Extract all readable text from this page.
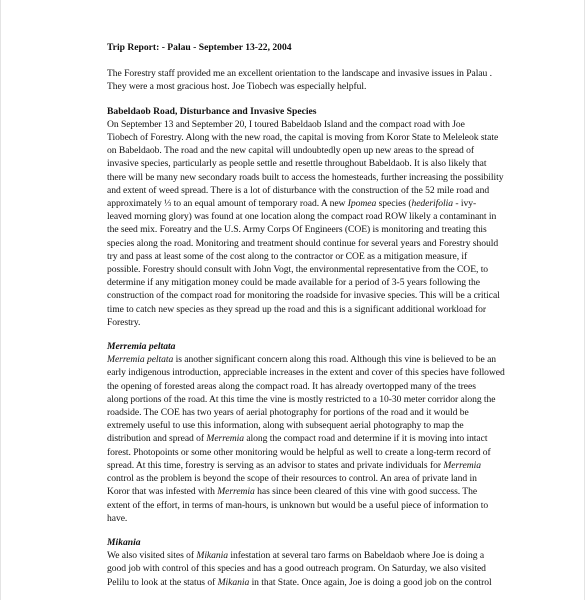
Trip Report: - Palau - September 13-22, 2004
The Forestry staff provided me an excellent orientation to the landscape and invasive issues in Palau .
They were a most gracious host. Joe Tiobech was especially helpful.
Babeldaob Road, Disturbance and Invasive Species
On September 13 and September 20, I toured Babeldaob Island and the compact road with Joe
Tiobech of Forestry. Along with the new road, the capital is moving from Koror State to Meleleok state
on Babeldaob. The road and the new capital will undoubtedly open up new areas to the spread of
invasive species, particularly as people settle and resettle throughout Babeldaob. It is also likely that
there will be many new secondary roads built to access the homesteads, further increasing the possibility
and extent of weed spread. There is a lot of disturbance with the construction of the 52 mile road and
approximately ⅓ to an equal amount of temporary road. A new Ipomea species (hederifolia - ivy-
leaved morning glory) was found at one location along the compact road ROW likely a contaminant in
the seed mix. Foreatry and the U.S. Army Corps Of Engineers (COE) is monitoring and treating this
species along the road. Monitoring and treatment should continue for several years and Forestry should
try and pass at least some of the cost along to the contractor or COE as a mitigation measure, if
possible. Forestry should consult with John Vogt, the environmental representative from the COE, to
determine if any mitigation money could be made available for a period of 3-5 years following the
construction of the compact road for monitoring the roadside for invasive species. This will be a critical
time to catch new species as they spread up the road and this is a significant additional workload for
Forestry.
Merremia peltata
Merremia peltata is another significant concern along this road. Although this vine is believed to be an
early indigenous introduction, appreciable increases in the extent and cover of this species have followed
the opening of forested areas along the compact road. It has already overtopped many of the trees
along portions of the road. At this time the vine is mostly restricted to a 10-30 meter corridor along the
roadside. The COE has two years of aerial photography for portions of the road and it would be
extremely useful to use this information, along with subsequent aerial photography to map the
distribution and spread of Merremia along the compact road and determine if it is moving into intact
forest. Photopoints or some other monitoring would be helpful as well to create a long-term record of
spread. At this time, forestry is serving as an advisor to states and private individuals for Merremia
control as the problem is beyond the scope of their resources to control. An area of private land in
Koror that was infested with Merremia has since been cleared of this vine with good success. The
extent of the effort, in terms of man-hours, is unknown but would be a useful piece of information to
have.
Mikania
We also visited sites of Mikania infestation at several taro farms on Babeldaob where Joe is doing a
good job with control of this species and has a good outreach program. On Saturday, we also visited
Pelilu to look at the status of Mikania in that State. Once again, Joe is doing a good job on the control
